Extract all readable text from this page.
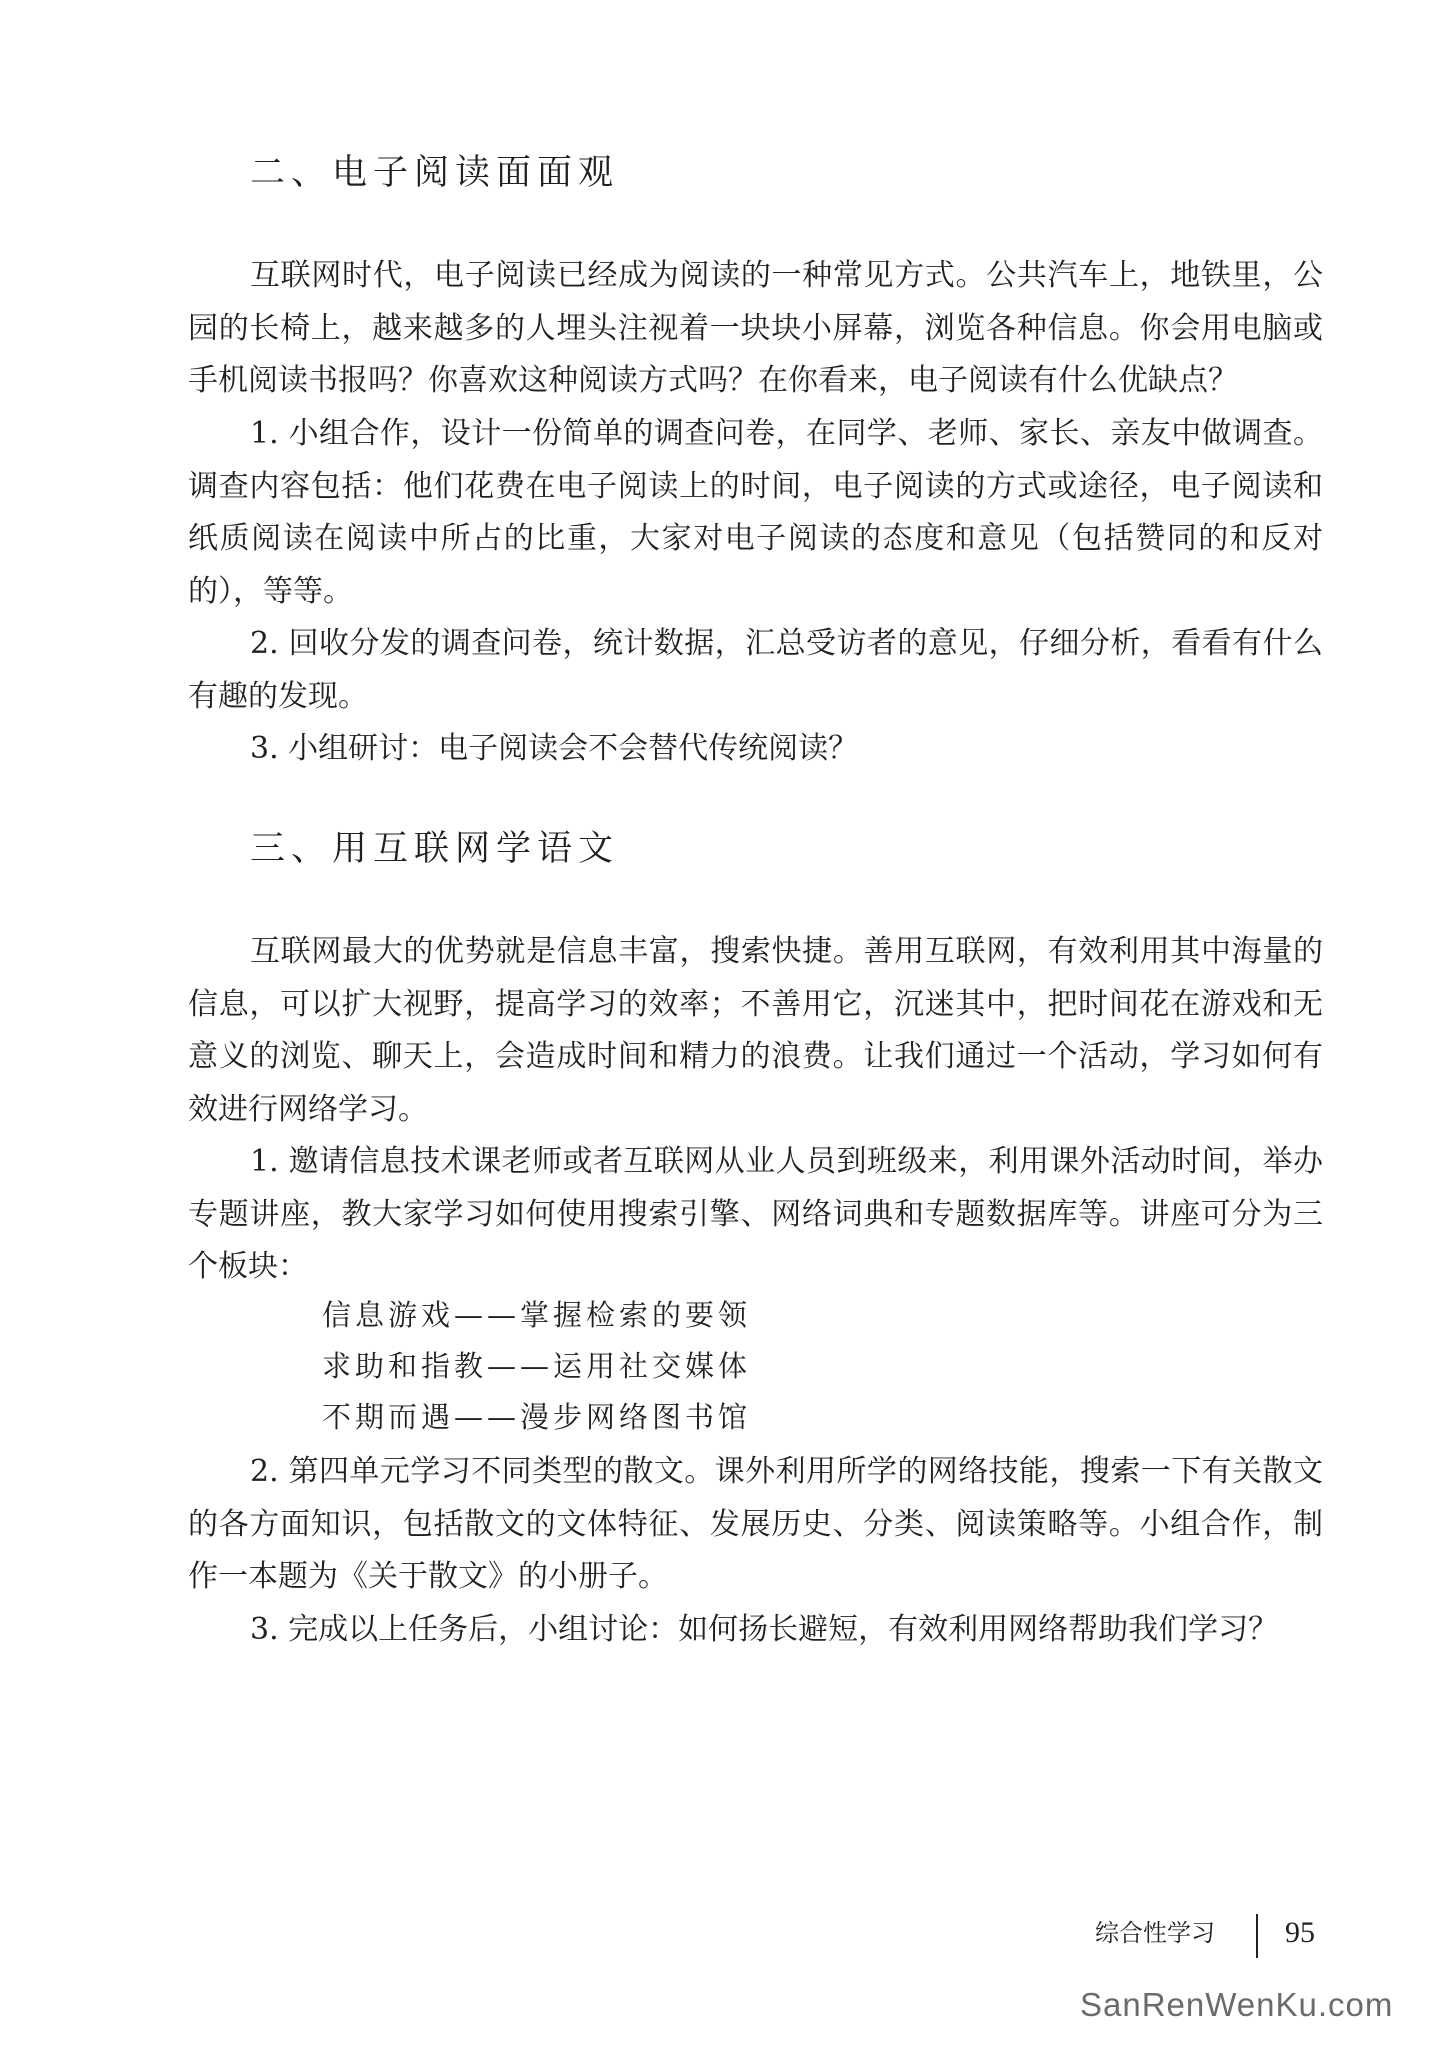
二、电子阅读面面观

互联网时代，电子阅读已经成为阅读的一种常见方式。公共汽车上，地铁里，公园的长椅上，越来越多的人埋头注视着一块块小屏幕，浏览各种信息。你会用电脑或手机阅读书报吗？你喜欢这种阅读方式吗？在你看来，电子阅读有什么优缺点？

1. 小组合作，设计一份简单的调查问卷，在同学、老师、家长、亲友中做调查。调查内容包括：他们花费在电子阅读上的时间，电子阅读的方式或途径，电子阅读和纸质阅读在阅读中所占的比重，大家对电子阅读的态度和意见（包括赞同的和反对的），等等。

2. 回收分发的调查问卷，统计数据，汇总受访者的意见，仔细分析，看看有什么有趣的发现。

3. 小组研讨：电子阅读会不会替代传统阅读？

三、用互联网学语文

互联网最大的优势就是信息丰富，搜索快捷。善用互联网，有效利用其中海量的信息，可以扩大视野，提高学习的效率；不善用它，沉迷其中，把时间花在游戏和无意义的浏览、聊天上，会造成时间和精力的浪费。让我们通过一个活动，学习如何有效进行网络学习。

1. 邀请信息技术课老师或者互联网从业人员到班级来，利用课外活动时间，举办专题讲座，教大家学习如何使用搜索引擎、网络词典和专题数据库等。讲座可分为三个板块：

信息游戏——掌握检索的要领
求助和指教——运用社交媒体
不期而遇——漫步网络图书馆

2. 第四单元学习不同类型的散文。课外利用所学的网络技能，搜索一下有关散文的各方面知识，包括散文的文体特征、发展历史、分类、阅读策略等。小组合作，制作一本题为《关于散文》的小册子。

3. 完成以上任务后，小组讨论：如何扬长避短，有效利用网络帮助我们学习？

综合性学习 95
SanRenWenKu.com
